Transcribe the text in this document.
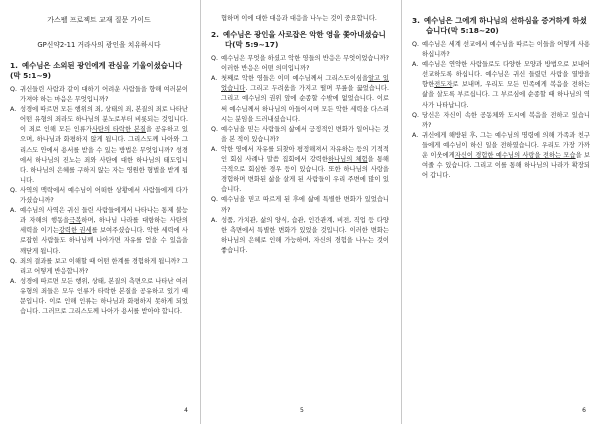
가스펠 프로젝트 교재 질문 가이드
GP신약2-11 거라사의 광인을 치유하시다
1. 예수님은 소외된 광인에게 관심을 기울이셨습니다(막 5:1~9)
Q. 귀신들린 사람과 같이 대하기 어려운 사람들을 향해 여러분이 가져야 하는 마음은 무엇입니까?
A. 성경에 따르면 모든 행위의 죄, 상태의 죄, 본질의 죄로 나타난 어떤 유형의 죄라도 하나님의 분노로부터 비롯되는 것입니다. 이 죄로 인해 모든 인류가사탄의 타락한 본질을 공유하고 있으며, 하나님과 화평하지 않게 됩니다. 그리스도께 나아와 그리스도 안에서 용서를 받을 수 있는 방법은 무엇입니까? 성경에서 하나님의 진노는 죄와 사탄에 대한 하나님의 태도입니다. 하나님의 은혜를 구하지 않는 자는 영원한 형벌을 받게 됩니다.
Q. 사역의 맥락에서 예수님이 어떠한 상황에서 사람들에게 다가가셨습니까?
A. 예수님의 사역은 귀신 들린 사람들에게서 나타나는 통제 불능과 자해의 행동을극복하며, 하나님 나라를 대항하는 사탄의 세력을 이기는강력한 권세를 보여주셨습니다. 악한 세력에 사로잡힌 사람들도 하나님께 나아가면 자유를 얻을 수 있음을 깨닫게 됩니다.
Q. 죄의 결과를 보고 이해할 때 어떤 한계를 경험하게 됩니까? 그리고 어떻게 반응합니까?
A. 성경에 따르면 모든 행위, 상태, 본질의 측면으로 나타난 여러 유형의 죄들은 모두 인류가 타락한 본질을 공유하고 있기 때문입니다. 이로 인해 인류는 하나님과 화평하지 못하게 되었습니다. 그러므로 그리스도께 나아가 용서를 받아야 합니다.
4
협하며 이에 대한 대응과 대응을 나누는 것이 중요합니다.
2. 예수님은 광인을 사로잡은 악한 영을 쫓아내셨습니다(막 5:9~17)
Q. 예수님은 무엇을 하셨고 악한 영들의 반응은 무엇이었습니까? 이러한 반응은 어떤 의미입니까?
A. 첫째로 악한 영들은 이미 예수님께서 그리스도이심을알고 있었습니다. 그리고 두려움을 가지고 떨며 무릎을 꿇었습니다. 그리고 예수님의 권위 앞에 순종할 수밖에 없었습니다. 이로써 예수님께서 하나님의 아들이시며 모든 악한 세력을 다스리시는 분임을 드러내셨습니다.
Q. 예수님을 믿는 사람들의 삶에서 긍정적인 변화가 일어나는 것을 본 적이 있습니까?
A. 악한 영에서 자유를 되찾아 평정해져서 자유하는 등의 기적적인 회심 사례나 말씀 집회에서 강력한하나님의 체험을 통해 극적으로 회심한 경우 등이 있습니다. 또한 하나님의 사랑을 경험하며 변화된 삶을 살게 된 사람들이 우리 주변에 많이 있습니다.
Q. 예수님을 믿고 따르게 된 후에 삶에 특별한 변화가 있었습니까?
A. 성품, 가치관, 삶의 양식, 습관, 인간관계, 비전, 직업 등 다양한 측면에서 특별한 변화가 있었을 것입니다. 이러한 변화는 하나님의 은혜로 인해 가능하며, 자신의 경험을 나누는 것이 좋습니다.
5
3. 예수님은 그에게 하나님의 선하심을 증거하게 하셨습니다(막 5:18~20)
Q. 예수님은 세계 선교에서 예수님을 따르는 이들을 어떻게 사용하십니까?
A. 예수님은 연약한 사람들로도 다양한 모양과 방법으로 보내어 선교하도록 하십니다. 예수님은 귀신 들렸던 사람을 열방을 향한전도자로 보내며, 우리도 모든 민족에게 복음을 전하는 삶을 살도록 부르십니다. 그 부르심에 순종할 때 하나님의 역사가 나타납니다.
Q. 당신은 자신이 속한 공동체와 도시에 복음을 전하고 있습니까?
A. 귀신에게 해방된 후, 그는 예수님의 명령에 의해 가족과 친구들에게 예수님이 하신 일을 전하였습니다. 우리도 가장 가까운 이웃에게자신이 경험한 예수님의 사랑을 전하는 모습을 보여줄 수 있습니다. 그리고 이를 통해 하나님의 나라가 확장되어 갑니다.
6
